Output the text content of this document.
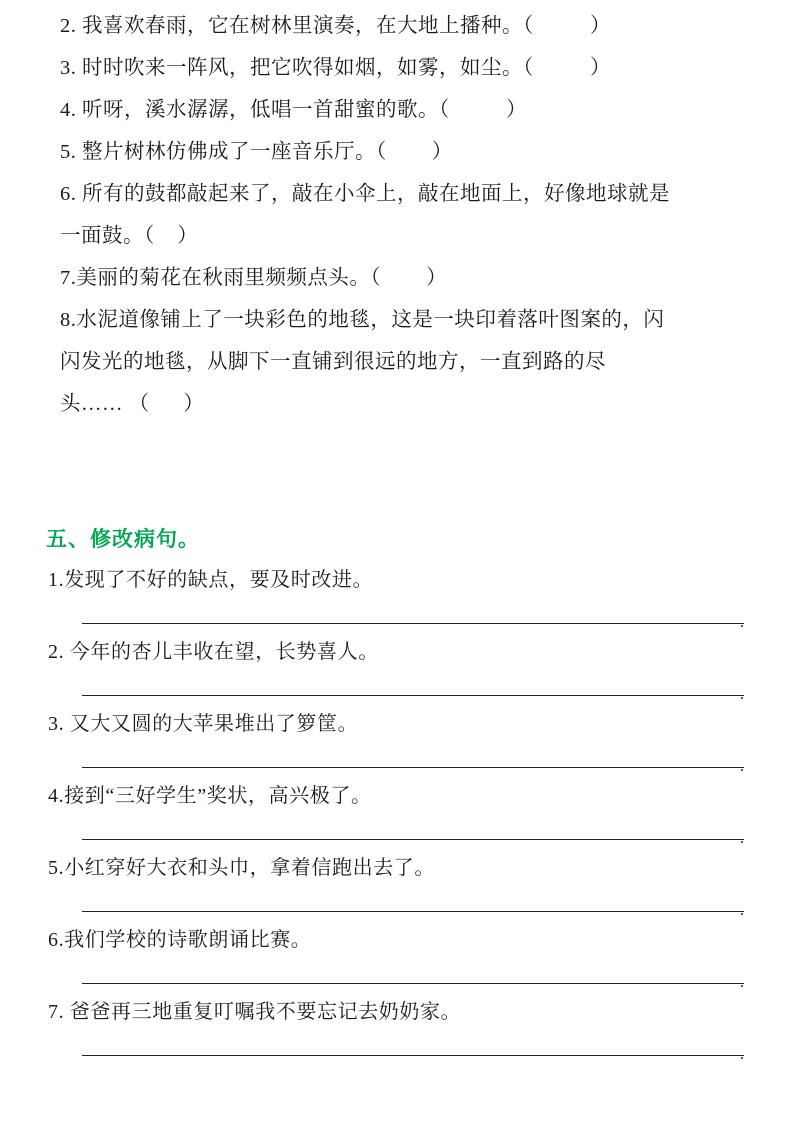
2. 我喜欢春雨，它在树林里演奏，在大地上播种。（          ）
3. 时时吹来一阵风，把它吹得如烟，如雾，如尘。（          ）
4. 听呀，溪水潺潺，低唱一首甜蜜的歌。（          ）
5. 整片树林仿佛成了一座音乐厅。（        ）
6. 所有的鼓都敲起来了，敲在小伞上，敲在地面上，好像地球就是
一面鼓。（    ）
7.美丽的菊花在秋雨里频频点头。（        ）
8.水泥道像铺上了一块彩色的地毯，这是一块印着落叶图案的，闪
闪发光的地毯，从脚下一直铺到很远的地方，一直到路的尽
头…… （      ）
五、修改病句。
1.发现了不好的缺点，要及时改进。
.
2. 今年的杏儿丰收在望，长势喜人。
.
3. 又大又圆的大苹果堆出了箩筐。
.
4.接到“三好学生”奖状，高兴极了。
.
5.小红穿好大衣和头巾，拿着信跑出去了。
.
6.我们学校的诗歌朗诵比赛。
.
7. 爸爸再三地重复叮嘱我不要忘记去奶奶家。
.
